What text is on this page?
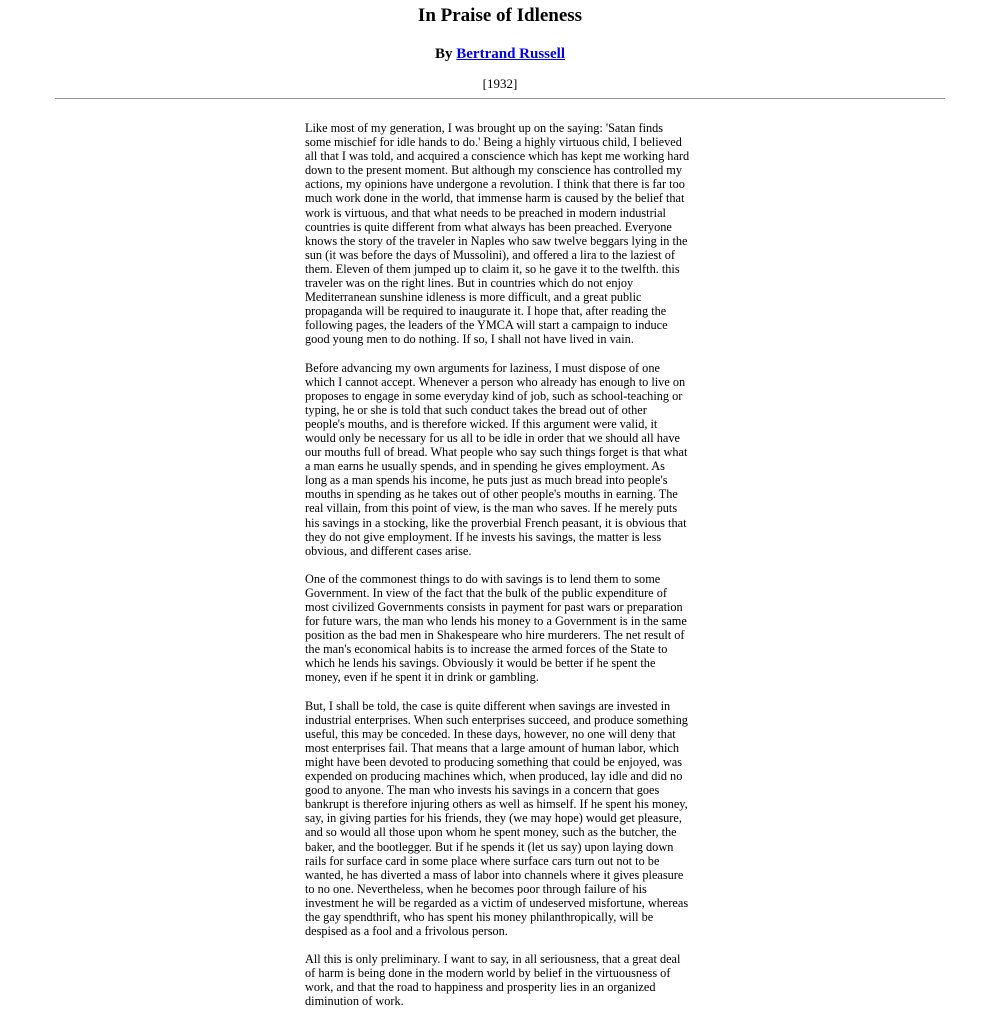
In Praise of Idleness
By Bertrand Russell
[1932]

Like most of my generation, I was brought up on the saying: 'Satan finds
some mischief for idle hands to do.' Being a highly virtuous child, I believed
all that I was told, and acquired a conscience which has kept me working hard
down to the present moment. But although my conscience has controlled my
actions, my opinions have undergone a revolution. I think that there is far too
much work done in the world, that immense harm is caused by the belief that
work is virtuous, and that what needs to be preached in modern industrial
countries is quite different from what always has been preached. Everyone
knows the story of the traveler in Naples who saw twelve beggars lying in the
sun (it was before the days of Mussolini), and offered a lira to the laziest of
them. Eleven of them jumped up to claim it, so he gave it to the twelfth. this
traveler was on the right lines. But in countries which do not enjoy
Mediterranean sunshine idleness is more difficult, and a great public
propaganda will be required to inaugurate it. I hope that, after reading the
following pages, the leaders of the YMCA will start a campaign to induce
good young men to do nothing. If so, I shall not have lived in vain.

Before advancing my own arguments for laziness, I must dispose of one
which I cannot accept. Whenever a person who already has enough to live on
proposes to engage in some everyday kind of job, such as school-teaching or
typing, he or she is told that such conduct takes the bread out of other
people's mouths, and is therefore wicked. If this argument were valid, it
would only be necessary for us all to be idle in order that we should all have
our mouths full of bread. What people who say such things forget is that what
a man earns he usually spends, and in spending he gives employment. As
long as a man spends his income, he puts just as much bread into people's
mouths in spending as he takes out of other people's mouths in earning. The
real villain, from this point of view, is the man who saves. If he merely puts
his savings in a stocking, like the proverbial French peasant, it is obvious that
they do not give employment. If he invests his savings, the matter is less
obvious, and different cases arise.

One of the commonest things to do with savings is to lend them to some
Government. In view of the fact that the bulk of the public expenditure of
most civilized Governments consists in payment for past wars or preparation
for future wars, the man who lends his money to a Government is in the same
position as the bad men in Shakespeare who hire murderers. The net result of
the man's economical habits is to increase the armed forces of the State to
which he lends his savings. Obviously it would be better if he spent the
money, even if he spent it in drink or gambling.

But, I shall be told, the case is quite different when savings are invested in
industrial enterprises. When such enterprises succeed, and produce something
useful, this may be conceded. In these days, however, no one will deny that
most enterprises fail. That means that a large amount of human labor, which
might have been devoted to producing something that could be enjoyed, was
expended on producing machines which, when produced, lay idle and did no
good to anyone. The man who invests his savings in a concern that goes
bankrupt is therefore injuring others as well as himself. If he spent his money,
say, in giving parties for his friends, they (we may hope) would get pleasure,
and so would all those upon whom he spent money, such as the butcher, the
baker, and the bootlegger. But if he spends it (let us say) upon laying down
rails for surface card in some place where surface cars turn out not to be
wanted, he has diverted a mass of labor into channels where it gives pleasure
to no one. Nevertheless, when he becomes poor through failure of his
investment he will be regarded as a victim of undeserved misfortune, whereas
the gay spendthrift, who has spent his money philanthropically, will be
despised as a fool and a frivolous person.

All this is only preliminary. I want to say, in all seriousness, that a great deal
of harm is being done in the modern world by belief in the virtuousness of
work, and that the road to happiness and prosperity lies in an organized
diminution of work.
